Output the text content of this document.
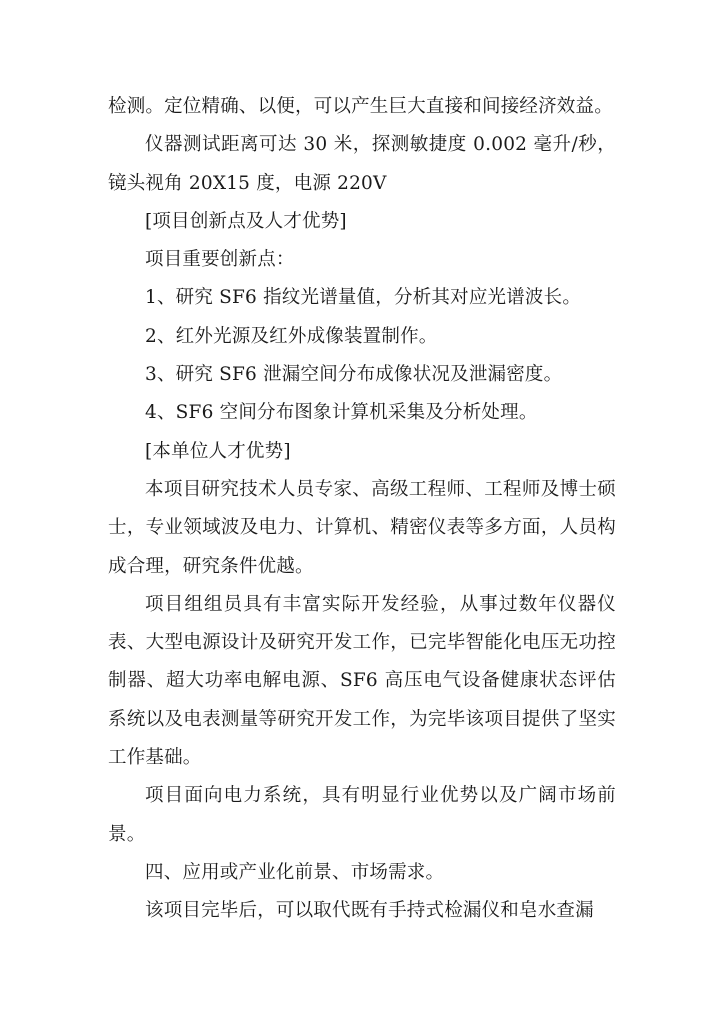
检测。定位精确、以便，可以产生巨大直接和间接经济效益。

仪器测试距离可达 30 米，探测敏捷度 0.002 毫升/秒，镜头视角 20X15 度，电源 220V

[项目创新点及人才优势]

项目重要创新点：

1、研究 SF6 指纹光谱量值，分析其对应光谱波长。

2、红外光源及红外成像装置制作。

3、研究 SF6 泄漏空间分布成像状况及泄漏密度。

4、SF6 空间分布图象计算机采集及分析处理。

[本单位人才优势]

本项目研究技术人员专家、高级工程师、工程师及博士硕士，专业领域波及电力、计算机、精密仪表等多方面，人员构成合理，研究条件优越。

项目组组员具有丰富实际开发经验，从事过数年仪器仪表、大型电源设计及研究开发工作，已完毕智能化电压无功控制器、超大功率电解电源、SF6 高压电气设备健康状态评估系统以及电表测量等研究开发工作，为完毕该项目提供了坚实工作基础。

项目面向电力系统，具有明显行业优势以及广阔市场前景。

四、应用或产业化前景、市场需求。

该项目完毕后，可以取代既有手持式检漏仪和皂水查漏
